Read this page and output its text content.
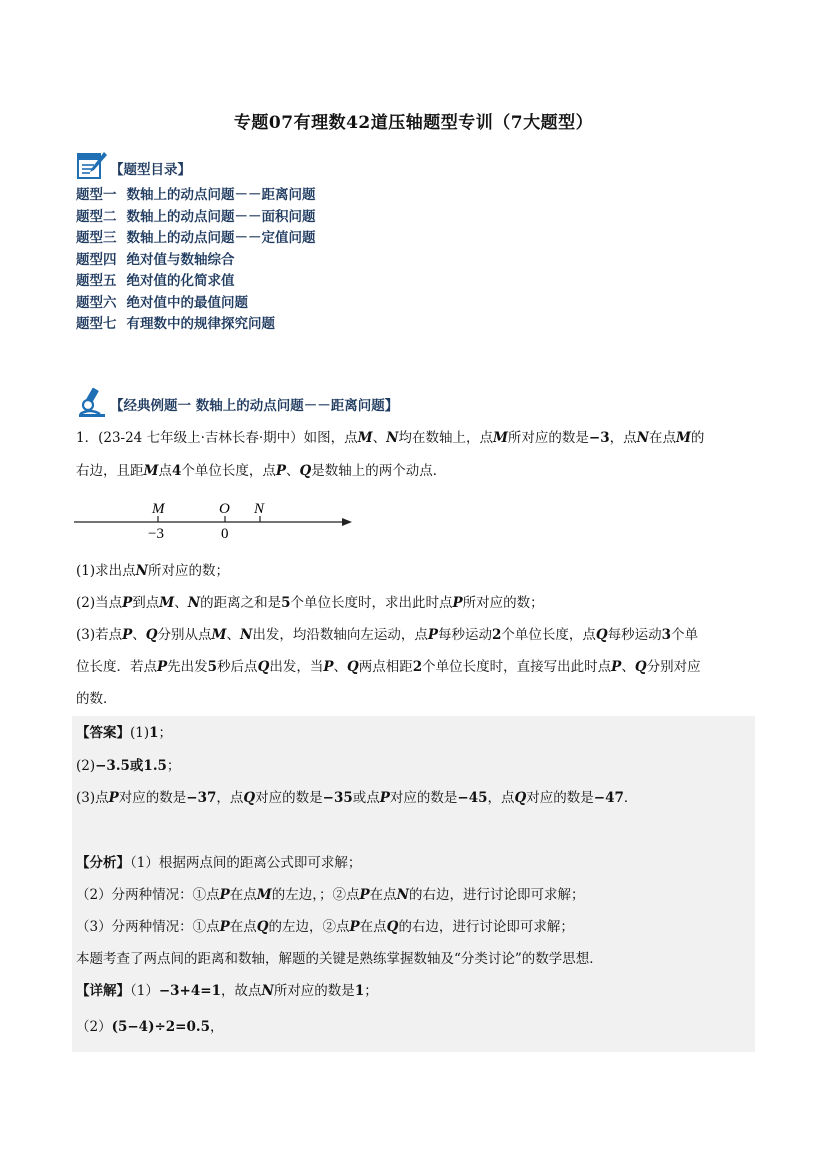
专题07有理数42道压轴题型专训（7大题型）
【题型目录】
题型一 数轴上的动点问题－－距离问题
题型二 数轴上的动点问题－－面积问题
题型三 数轴上的动点问题－－定值问题
题型四 绝对值与数轴综合
题型五 绝对值的化简求值
题型六 绝对值中的最值问题
题型七 有理数中的规律探究问题
【经典例题一 数轴上的动点问题－－距离问题】
1．(23-24 七年级上·吉林长春·期中）如图，点M、N均在数轴上，点M所对应的数是−3，点N在点M的
右边，且距M点4个单位长度，点P、Q是数轴上的两个动点．
M	O N
−3	0
(1)求出点N所对应的数；
(2)当点P到点M、N的距离之和是5个单位长度时，求出此时点P所对应的数；
(3)若点P、Q分别从点M、N出发，均沿数轴向左运动，点P每秒运动2个单位长度，点Q每秒运动3个单
位长度．若点P先出发5秒后点Q出发，当P、Q两点相距2个单位长度时，直接写出此时点P、Q分别对应
的数．
【答案】(1)1；
(2)−3.5或1.5；
(3)点P对应的数是−37，点Q对应的数是−35或点P对应的数是−45，点Q对应的数是−47．
【分析】（1）根据两点间的距离公式即可求解；
（2）分两种情况：①点P在点M的左边，；②点P在点N的右边，进行讨论即可求解；
（3）分两种情况：①点P在点Q的左边，②点P在点Q的右边，进行讨论即可求解；
本题考查了两点间的距离和数轴，解题的关键是熟练掌握数轴及“分类讨论”的数学思想．
【详解】（1）−3+4=1，故点N所对应的数是1；
（2）(5−4)÷2=0.5，
